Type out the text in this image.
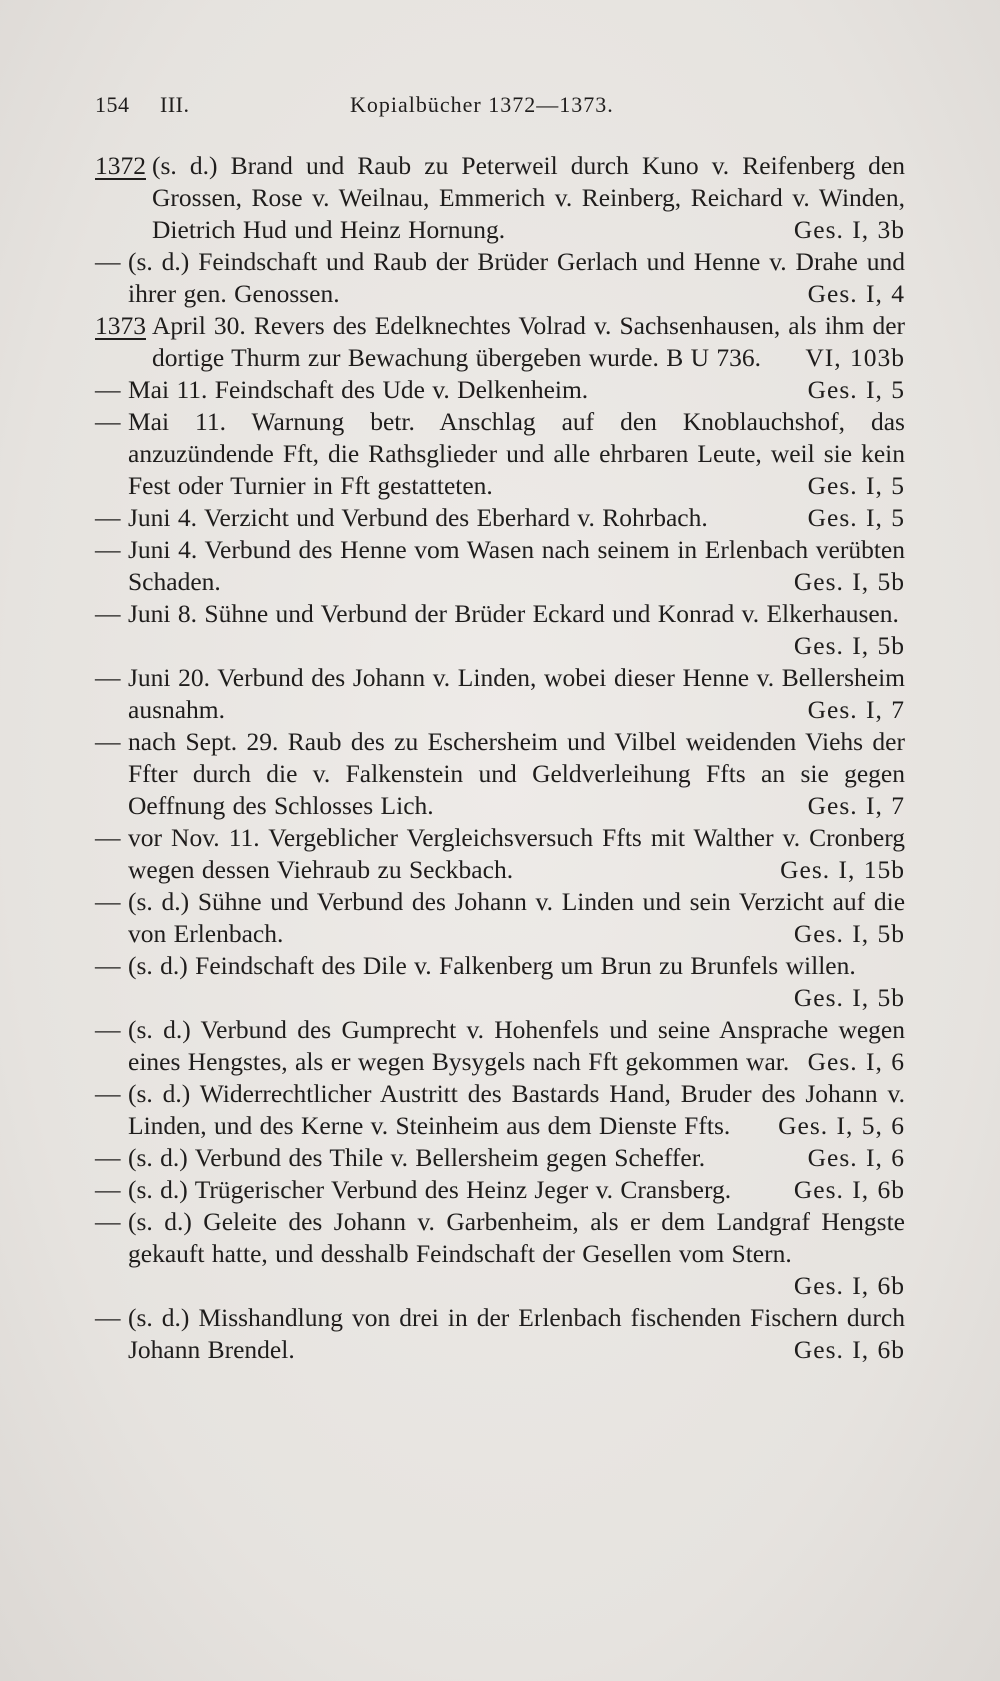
154 III.	Kopialbücher 1372—1373.
1372 (s. d.) Brand und Raub zu Peterweil durch Kuno v. Reifenberg den Grossen, Rose v. Weilnau, Emmerich v. Reinberg, Reichard v. Winden, Dietrich Hud und Heinz Hornung.	Ges. I, 3b
— (s. d.) Feindschaft und Raub der Brüder Gerlach und Henne v. Drahe und ihrer gen. Genossen.	Ges. I, 4
1373 April 30. Revers des Edelknechtes Volrad v. Sachsenhausen, als ihm der dortige Thurm zur Bewachung übergeben wurde. B U 736. VI, 103b
— Mai 11. Feindschaft des Ude v. Delkenheim.	Ges. I, 5
— Mai 11. Warnung betr. Anschlag auf den Knoblauchshof, das anzuzündende Fft, die Rathsglieder und alle ehrbaren Leute, weil sie kein Fest oder Turnier in Fft gestatteten.	Ges. I, 5
— Juni 4. Verzicht und Verbund des Eberhard v. Rohrbach.	Ges. I, 5
— Juni 4. Verbund des Henne vom Wasen nach seinem in Erlenbach verübten Schaden.	Ges. I, 5b
— Juni 8. Sühne und Verbund der Brüder Eckard und Konrad v. Elkerhausen.
Ges. I, 5b
— Juni 20. Verbund des Johann v. Linden, wobei dieser Henne v. Bellersheim ausnahm.	Ges. I, 7
— nach Sept. 29. Raub des zu Eschersheim und Vilbel weidenden Viehs der Ffter durch die v. Falkenstein und Geldverleihung Ffts an sie gegen Oeffnung des Schlosses Lich.	Ges. I, 7
— vor Nov. 11. Vergeblicher Vergleichsversuch Ffts mit Walther v. Cronberg wegen dessen Viehraub zu Seckbach.	Ges. I, 15b
— (s. d.) Sühne und Verbund des Johann v. Linden und sein Verzicht auf die von Erlenbach.	Ges. I, 5b
— (s. d.) Feindschaft des Dile v. Falkenberg um Brun zu Brunfels willen.
Ges. I, 5b
— (s. d.) Verbund des Gumprecht v. Hohenfels und seine Ansprache wegen eines Hengstes, als er wegen Bysygels nach Fft gekommen war. Ges. I, 6
— (s. d.) Widerrechtlicher Austritt des Bastards Hand, Bruder des Johann v. Linden, und des Kerne v. Steinheim aus dem Dienste Ffts. Ges. I, 5, 6
— (s. d.) Verbund des Thile v. Bellersheim gegen Scheffer.	Ges. I, 6
— (s. d.) Trügerischer Verbund des Heinz Jeger v. Cransberg. Ges. I, 6b
— (s. d.) Geleite des Johann v. Garbenheim, als er dem Landgraf Hengste gekauft hatte, und desshalb Feindschaft der Gesellen vom Stern.
Ges. I, 6b
— (s. d.) Misshandlung von drei in der Erlenbach fischenden Fischern durch Johann Brendel.	Ges. I, 6b
